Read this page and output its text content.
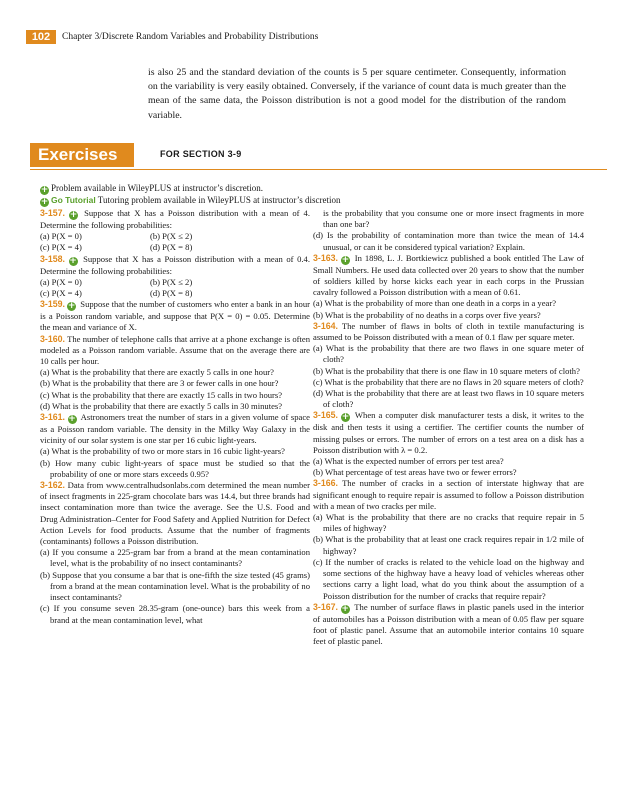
102	Chapter 3/Discrete Random Variables and Probability Distributions
is also 25 and the standard deviation of the counts is 5 per square centimeter. Consequently, information on the variability is very easily obtained. Conversely, if the variance of count data is much greater than the mean of the same data, the Poisson distribution is not a good model for the distribution of the random variable.
Exercises	FOR SECTION 3-9
+ Problem available in WileyPLUS at instructor’s discretion.
+ Go Tutorial Tutoring problem available in WileyPLUS at instructor’s discretion

3-157. + Suppose that X has a Poisson distribution with a mean of 4. Determine the following probabilities:

(a) P(X = 0)	(b) P(X ≤ 2)
(c) P(X = 4)	(d) P(X = 8)

3-158. + Suppose that X has a Poisson distribution with a mean of 0.4. Determine the following probabilities:

(a) P(X = 0)	(b) P(X ≤ 2)
(c) P(X = 4)	(d) P(X = 8)

3-159. + Suppose that the number of customers who enter a bank in an hour is a Poisson random variable, and suppose that P(X = 0) = 0.05. Determine the mean and variance of X.

3-160. The number of telephone calls that arrive at a phone exchange is often modeled as a Poisson random variable. Assume that on the average there are 10 calls per hour.

(a) What is the probability that there are exactly 5 calls in one hour?

(b) What is the probability that there are 3 or fewer calls in one hour?

(c) What is the probability that there are exactly 15 calls in two hours?

(d) What is the probability that there are exactly 5 calls in 30 minutes?

3-161. + Astronomers treat the number of stars in a given volume of space as a Poisson random variable. The density in the Milky Way Galaxy in the vicinity of our solar system is one star per 16 cubic light-years.

(a) What is the probability of two or more stars in 16 cubic light-years?

(b) How many cubic light-years of space must be studied so that the probability of one or more stars exceeds 0.95?

3-162. Data from www.centralhudsonlabs.com determined the mean number of insect fragments in 225-gram chocolate bars was 14.4, but three brands had insect contamination more than twice the average. See the U.S. Food and Drug Administration–Center for Food Safety and Applied Nutrition for Defect Action Levels for food products. Assume that the number of fragments (contaminants) follows a Poisson distribution.

(a) If you consume a 225-gram bar from a brand at the mean contamination level, what is the probability of no insect contaminants?

(b) Suppose that you consume a bar that is one-fifth the size tested (45 grams) from a brand at the mean contamination level. What is the probability of no insect contaminants?

(c) If you consume seven 28.35-gram (one-ounce) bars this week from a brand at the mean contamination level, what

is the probability that you consume one or more insect fragments in more than one bar?

(d) Is the probability of contamination more than twice the mean of 14.4 unusual, or can it be considered typical variation? Explain.

3-163. + In 1898, L. J. Bortkiewicz published a book entitled The Law of Small Numbers. He used data collected over 20 years to show that the number of soldiers killed by horse kicks each year in each corps in the Prussian cavalry followed a Poisson distribution with a mean of 0.61.

(a) What is the probability of more than one death in a corps in a year?

(b) What is the probability of no deaths in a corps over five years?

3-164. The number of flaws in bolts of cloth in textile manufacturing is assumed to be Poisson distributed with a mean of 0.1 flaw per square meter.

(a) What is the probability that there are two flaws in one square meter of cloth?

(b) What is the probability that there is one flaw in 10 square meters of cloth?

(c) What is the probability that there are no flaws in 20 square meters of cloth?

(d) What is the probability that there are at least two flaws in 10 square meters of cloth?

3-165. + When a computer disk manufacturer tests a disk, it writes to the disk and then tests it using a certifier. The certifier counts the number of missing pulses or errors. The number of errors on a test area on a disk has a Poisson distribution with λ = 0.2.

(a) What is the expected number of errors per test area?

(b) What percentage of test areas have two or fewer errors?

3-166. The number of cracks in a section of interstate highway that are significant enough to require repair is assumed to follow a Poisson distribution with a mean of two cracks per mile.

(a) What is the probability that there are no cracks that require repair in 5 miles of highway?

(b) What is the probability that at least one crack requires repair in 1/2 mile of highway?

(c) If the number of cracks is related to the vehicle load on the highway and some sections of the highway have a heavy load of vehicles whereas other sections carry a light load, what do you think about the assumption of a Poisson distribution for the number of cracks that require repair?

3-167. + The number of surface flaws in plastic panels used in the interior of automobiles has a Poisson distribution with a mean of 0.05 flaw per square foot of plastic panel. Assume that an automobile interior contains 10 square feet of plastic panel.
